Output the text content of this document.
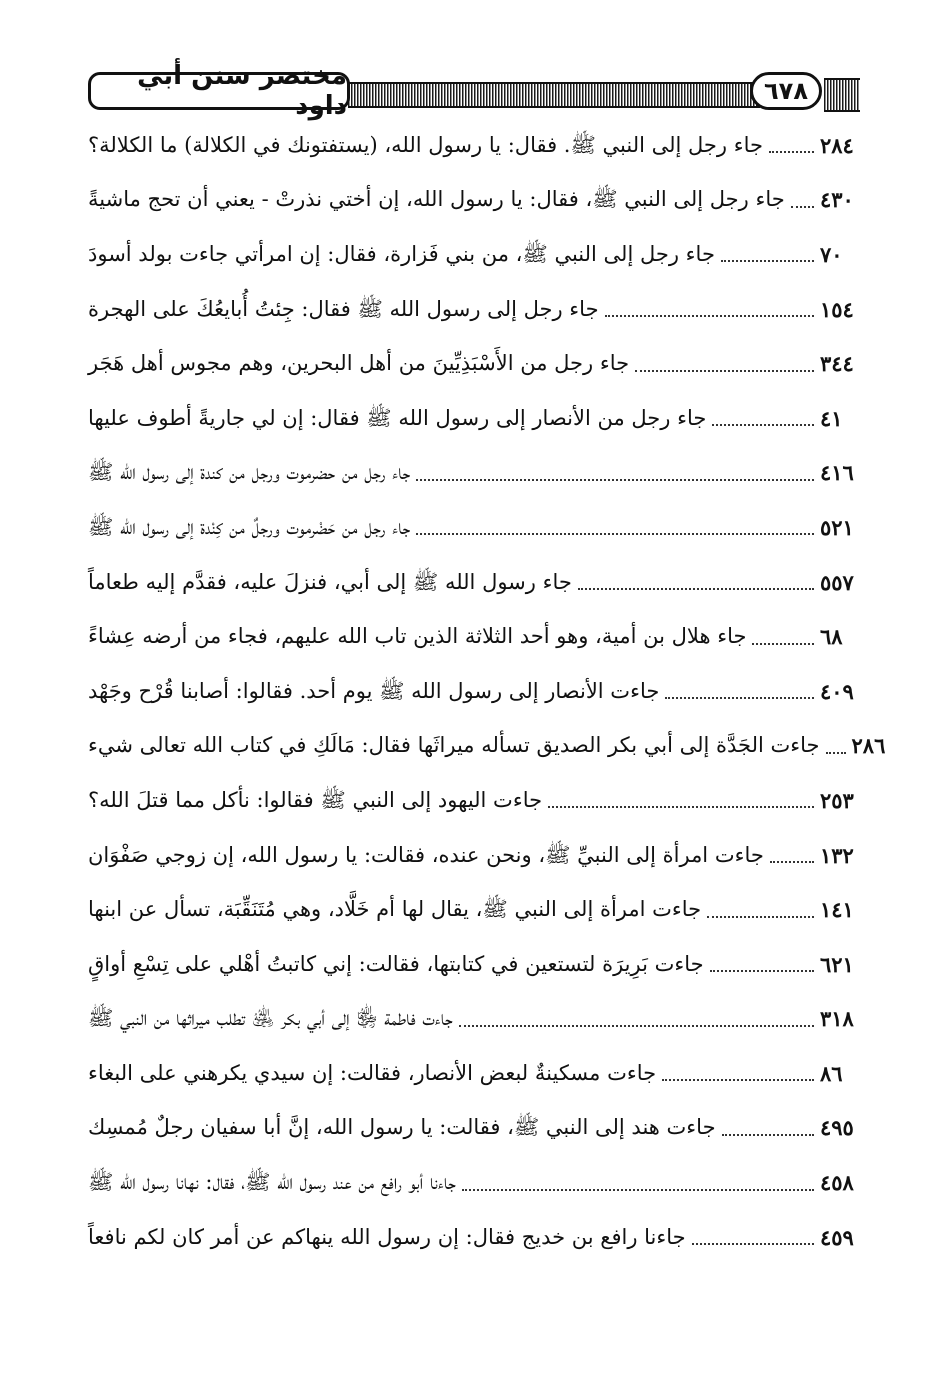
مختصر سنن أبي داود	٦٧٨
جاء رجل إلى النبي ﷺ. فقال: يا رسول الله، (يستفتونك في الكلالة) ما الكلالة؟	٢٨٤
جاء رجل إلى النبي ﷺ، فقال: يا رسول الله، إن أختي نذرتْ - يعني أن تحج ماشيةً ٤٣٠
جاء رجل إلى النبي ﷺ، من بني فَزارة، فقال: إن امرأتي جاءت بولد أسودَ	٧٠
جاء رجل إلى رسول الله ﷺ فقال: جِئتُ أُبايعُكَ على الهجرة	١٥٤
جاء رجل من الأَسْبَذِيِّينَ من أهل البحرين، وهم مجوس أهل هَجَر	٣٤٤
جاء رجل من الأنصار إلى رسول الله ﷺ فقال: إن لي جاريةً أطوف عليها	٤١
جاء رجل من حضرموت ورجل من كندة إلى رسول الله ﷺ	٤١٦
جاء رجل من حَضْرموت ورجلٌ من كِنْدة إلى رسول الله ﷺ	٥٢١
جاء رسول الله ﷺ إلى أبي، فنزلَ عليه، فقدَّم إليه طعاماً	٥٥٧
جاء هلال بن أمية، وهو أحد الثلاثة الذين تاب الله عليهم، فجاء من أرضه عِشاءً	٦٨
جاءت الأنصار إلى رسول الله ﷺ يوم أحد. فقالوا: أصابنا قُرْح وجَهْد	٤٠٩
جاءت الجَدَّة إلى أبي بكر الصديق تسأله ميراثَها فقال: مَالَكِ في كتاب الله تعالى شيء ٢٨٦
جاءت اليهود إلى النبي ﷺ فقالوا: نأكل مما قتلَ الله؟	٢٥٣
جاءت امرأة إلى النبيِّ ﷺ، ونحن عنده، فقالت: يا رسول الله، إن زوجي صَفْوَان	١٣٢
جاءت امرأة إلى النبي ﷺ، يقال لها أم خَلَّاد، وهي مُتَنَقِّبَة، تسأل عن ابنها	١٤١
جاءت بَرِيرَة لتستعين في كتابتها، فقالت: إني كاتبتُ أهْلي على تِسْعِ أواقٍ	٦٢١
جاءت فاطمة ﵂ إلى أبي بكر ﵁ تطلب ميراثها من النبي ﷺ	٣١٨
جاءت مسكينةٌ لبعض الأنصار، فقالت: إن سيدي يكرهني على البغاء	٨٦
جاءت هند إلى النبي ﷺ، فقالت: يا رسول الله، إنَّ أبا سفيان رجلٌ مُمسِك	٤٩٥
جاءنا أبو رافع من عند رسول الله ﷺ، فقال: نهانا رسول الله ﷺ	٤٥٨
جاءنا رافع بن خديج فقال: إن رسول الله ينهاكم عن أمر كان لكم نافعاً	٤٥٩
